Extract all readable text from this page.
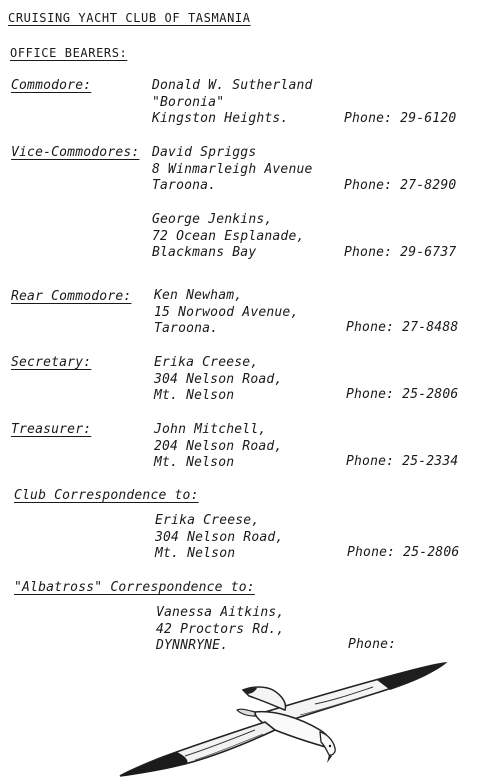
CRUISING YACHT CLUB OF TASMANIA
OFFICE BEARERS:
Commodore:	Donald W. Sutherland
"Boronia"
Kingston Heights.	Phone: 29-6120
Vice-Commodores: David Spriggs
8 Winmarleigh Avenue
Taroona.	Phone: 27-8290
George Jenkins,
72 Ocean Esplanade,
Blackmans Bay	Phone: 29-6737
Rear Commodore: Ken Newham,
15 Norwood Avenue,
Taroona.	Phone: 27-8488
Secretary:	Erika Creese,
304 Nelson Road,
Mt. Nelson	Phone: 25-2806
Treasurer:	John Mitchell,
204 Nelson Road,
Mt. Nelson	Phone: 25-2334
Club Correspondence to:
Erika Creese,
304 Nelson Road,
Mt. Nelson	Phone: 25-2806
"Albatross" Correspondence to:
Vanessa Aitkins,
42 Proctors Rd.,
DYNNRYNE.	Phone:
